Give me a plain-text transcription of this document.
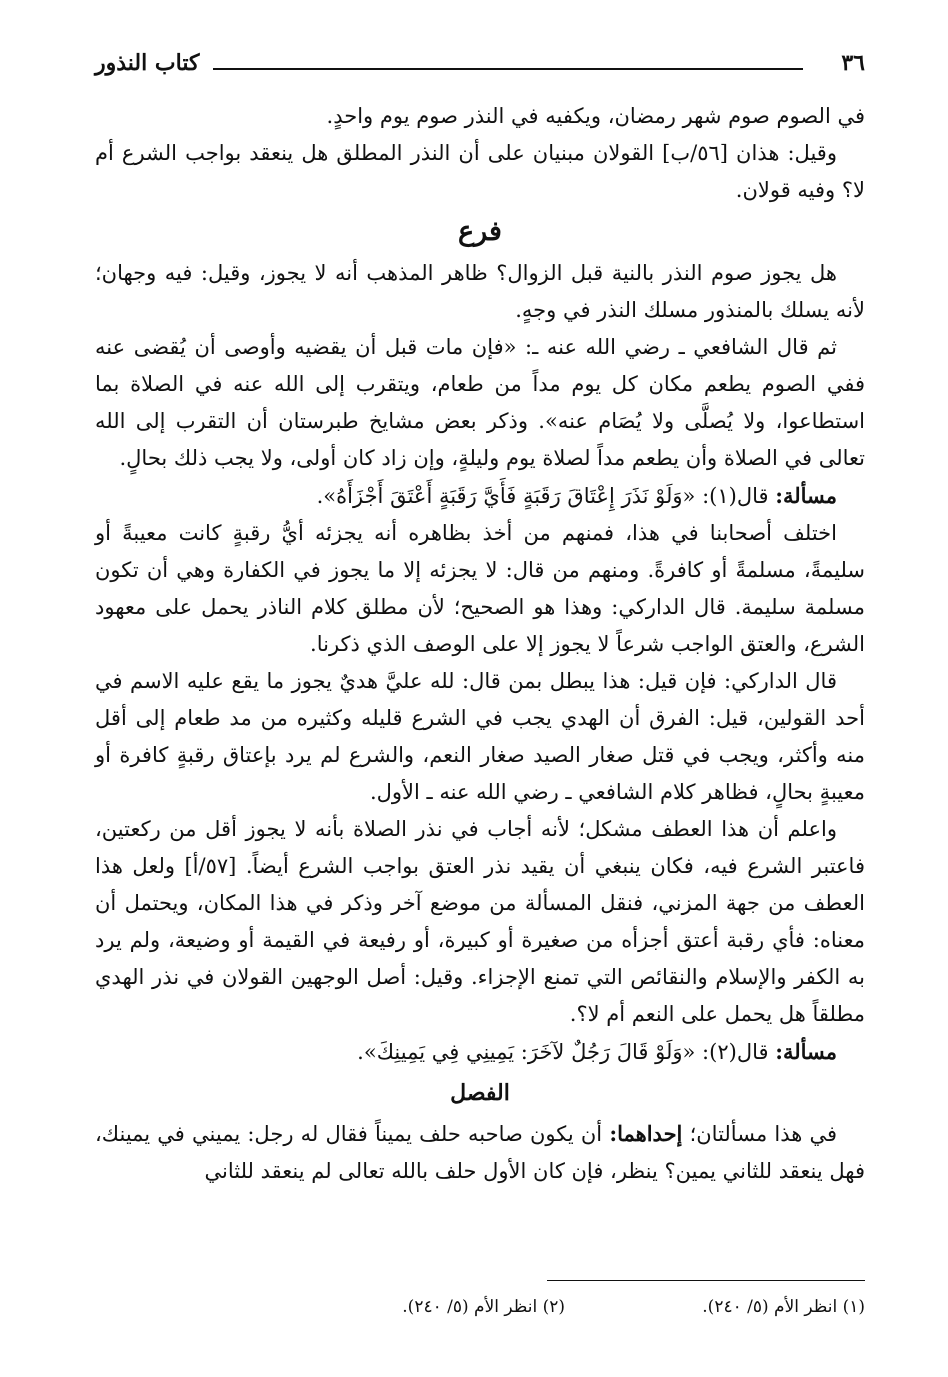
٣٦
كتاب النذور

في الصوم صوم شهر رمضان، ويكفيه في النذر صوم يوم واحدٍ.

وقيل: هذان [٥٦/ب] القولان مبنيان على أن النذر المطلق هل ينعقد بواجب الشرع أم لا؟ وفيه قولان.

فرع

هل يجوز صوم النذر بالنية قبل الزوال؟ ظاهر المذهب أنه لا يجوز، وقيل: فيه وجهان؛ لأنه يسلك بالمنذور مسلك النذر في وجهٍ.

ثم قال الشافعي ـ رضي الله عنه ـ: «فإن مات قبل أن يقضيه وأوصى أن يُقضى عنه ففي الصوم يطعم مكان كل يوم مداً من طعام، ويتقرب إلى الله عنه في الصلاة بما استطاعوا، ولا يُصلَّى ولا يُصَام عنه». وذكر بعض مشايخ طبرستان أن التقرب إلى الله تعالى في الصلاة وأن يطعم مداً لصلاة يوم وليلةٍ، وإن زاد كان أولى، ولا يجب ذلك بحالٍ.

مسألة: قال(١): «وَلَوْ نَذَرَ إِعْتَاقَ رَقَبَةٍ فَأَيَّ رَقَبَةٍ أَعْتَقَ أَجْزَأَهُ».

اختلف أصحابنا في هذا، فمنهم من أخذ بظاهره أنه يجزئه أيُّ رقبةٍ كانت معيبةً أو سليمةً، مسلمةً أو كافرةً. ومنهم من قال: لا يجزئه إلا ما يجوز في الكفارة وهي أن تكون مسلمة سليمة. قال الداركي: وهذا هو الصحيح؛ لأن مطلق كلام الناذر يحمل على معهود الشرع، والعتق الواجب شرعاً لا يجوز إلا على الوصف الذي ذكرنا.

قال الداركي: فإن قيل: هذا يبطل بمن قال: لله عليَّ هديٌ يجوز ما يقع عليه الاسم في أحد القولين، قيل: الفرق أن الهدي يجب في الشرع قليله وكثيره من مد طعام إلى أقل منه وأكثر، ويجب في قتل صغار الصيد صغار النعم، والشرع لم يرد بإعتاق رقبةٍ كافرة أو معيبةٍ بحالٍ، فظاهر كلام الشافعي ـ رضي الله عنه ـ الأول.

واعلم أن هذا العطف مشكل؛ لأنه أجاب في نذر الصلاة بأنه لا يجوز أقل من ركعتين، فاعتبر الشرع فيه، فكان ينبغي أن يقيد نذر العتق بواجب الشرع أيضاً. [٥٧/أ] ولعل هذا العطف من جهة المزني، فنقل المسألة من موضع آخر وذكر في هذا المكان، ويحتمل أن معناه: فأي رقبة أعتق أجزأه من صغيرة أو كبيرة، أو رفيعة في القيمة أو وضيعة، ولم يرد به الكفر والإسلام والنقائص التي تمنع الإجزاء. وقيل: أصل الوجهين القولان في نذر الهدي مطلقاً هل يحمل على النعم أم لا؟.

مسألة: قال(٢): «وَلَوْ قَالَ رَجُلٌ لآخَرَ: يَمِينِي فِي يَمِينِكَ».

الفصل

في هذا مسألتان؛ إحداهما: أن يكون صاحبه حلف يميناً فقال له رجل: يميني في يمينك، فهل ينعقد للثاني يمين؟ ينظر، فإن كان الأول حلف بالله تعالى لم ينعقد للثاني

(١) انظر الأم (٥/ ٢٤٠).
(٢) انظر الأم (٥/ ٢٤٠).
